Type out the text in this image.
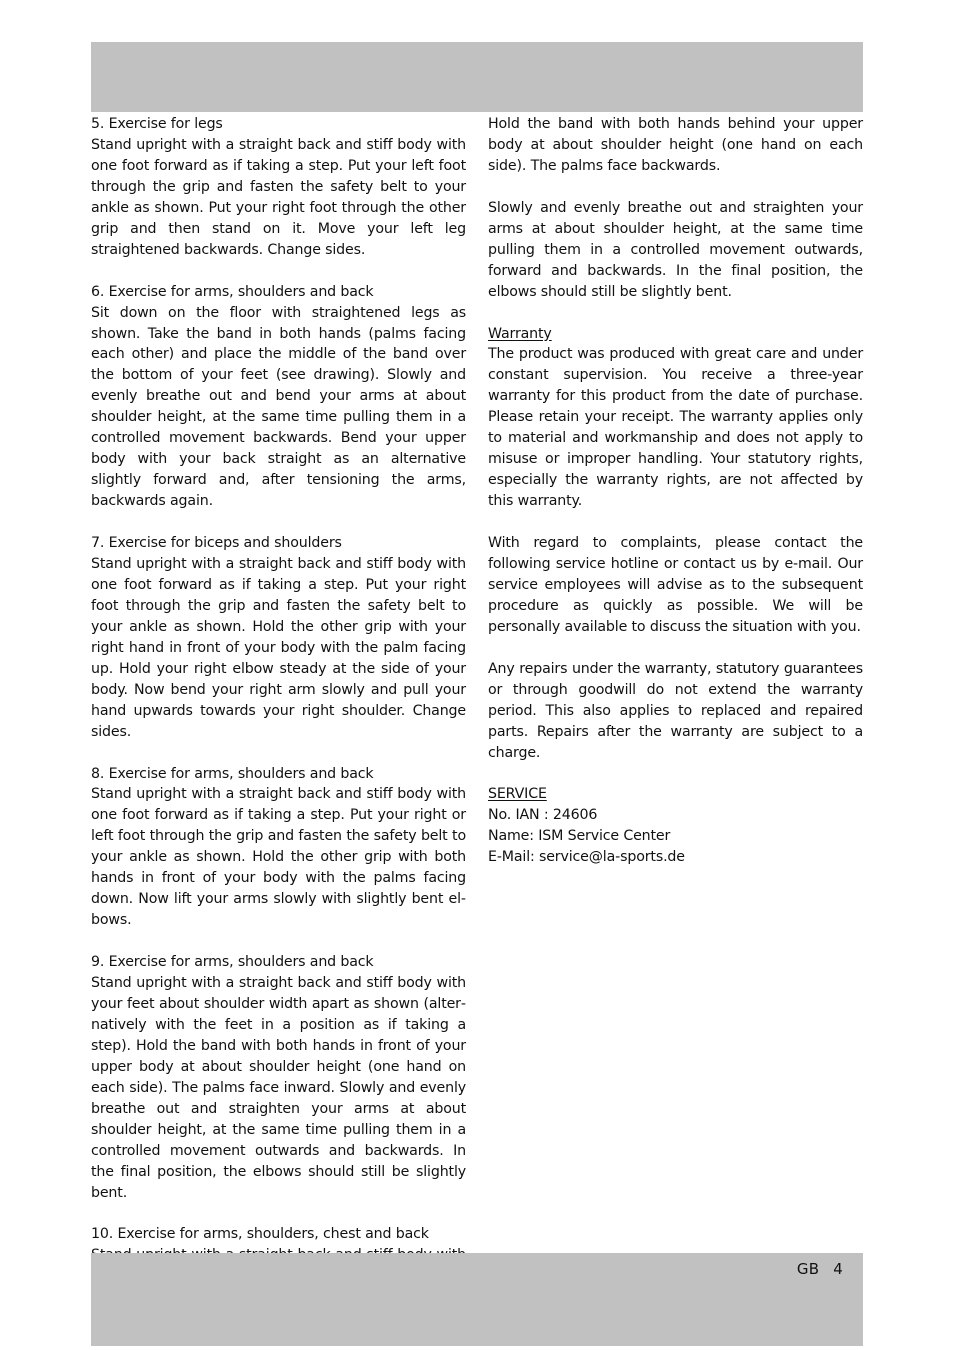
5. Exercise for legs
Stand upright with a straight back and stiff body with one foot forward as if taking a step. Put your left foot through the grip and fasten the safety belt to your ankle as shown. Put your right foot through the other grip and then stand on it. Move your left leg straightened backwards. Change sides.

6. Exercise for arms, shoulders and back
Sit down on the floor with straightened legs as shown. Take the band in both hands (palms facing each other) and place the middle of the band over the bottom of your feet (see drawing). Slowly and evenly breathe out and bend your arms at about shoulder height, at the same time pulling them in a controlled movement backwards. Bend your upper body with your back straight as an alternative slightly forward and, after tensioning the arms, backwards again.

7. Exercise for biceps and shoulders
Stand upright with a straight back and stiff body with one foot forward as if taking a step. Put your right foot through the grip and fasten the safety belt to your ankle as shown. Hold the other grip with your right hand in front of your body with the palm facing up. Hold your right elbow steady at the side of your body. Now bend your right arm slowly and pull your hand upwards towards your right shoulder. Change sides.

8. Exercise for arms, shoulders and back
Stand upright with a straight back and stiff body with one foot forward as if taking a step. Put your right or left foot through the grip and fasten the safety belt to your ankle as shown. Hold the other grip with both hands in front of your body with the palms facing down. Now lift your arms slowly with slightly bent elbows.

9. Exercise for arms, shoulders and back
Stand upright with a straight back and stiff body with your feet about shoulder width apart as shown (alternatively with the feet in a position as if taking a step). Hold the band with both hands in front of your upper body at about shoulder height (one hand on each side). The palms face inward. Slowly and evenly breathe out and straighten your arms at about shoulder height, at the same time pulling them in a controlled movement outwards and backwards. In the final position, the elbows should still be slightly bent.

10. Exercise for arms, shoulders, chest and back

Hold the band with both hands behind your upper body at about shoulder height (one hand on each side). The palms face backwards.

Slowly and evenly breathe out and straighten your arms at about shoulder height, at the same time pulling them in a controlled movement outwards, forward and backwards. In the final position, the elbows should still be slightly bent.

Warranty
The product was produced with great care and under constant supervision. You receive a three-year warranty for this product from the date of purchase. Please retain your receipt. The warranty applies only to material and workmanship and does not apply to misuse or improper handling. Your statutory rights, especially the warranty rights, are not affected by this warranty.

With regard to complaints, please contact the following service hotline or contact us by e-mail. Our service employees will advise as to the subsequent procedure as quickly as possible. We will be personally available to discuss the situation with you.

Any repairs under the warranty, statutory guarantees or through goodwill do not extend the warranty period. This also applies to replaced and repaired parts. Repairs after the warranty are subject to a charge.

SERVICE
No. IAN : 24606
Name: ISM Service Center
E-Mail: service@la-sports.de

GB 4
